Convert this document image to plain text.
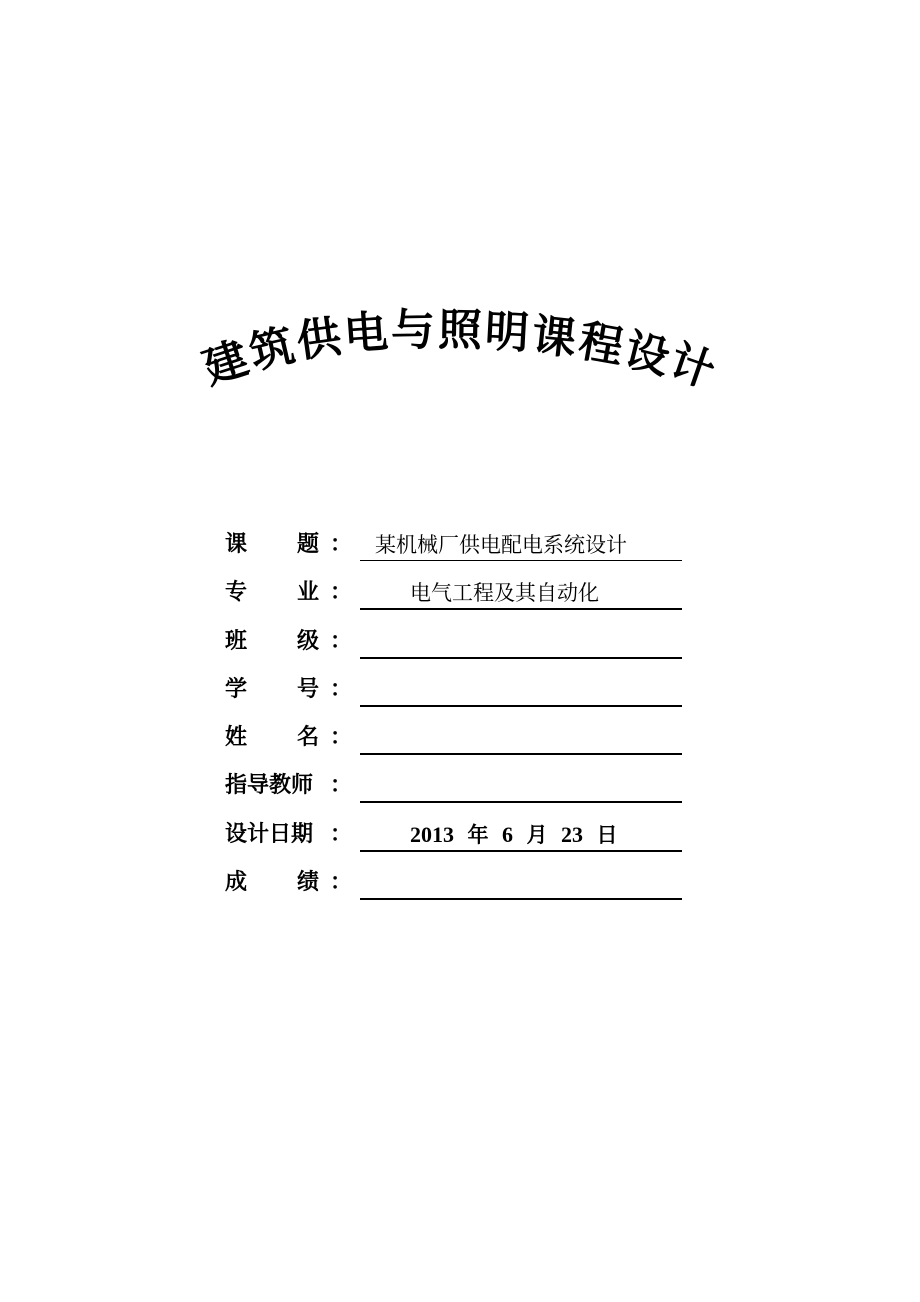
建
筑
供
电 与 照 明 课
程
设
计
课 题 ：	某机械厂供电配电系统设计
专 业 ：	电气工程及其自动化
班 级 ：
学 号 ：
姓 名 ：
指导教师 ：
设计日期 ：	2013 年 6 月 23 日
成 绩 ：
